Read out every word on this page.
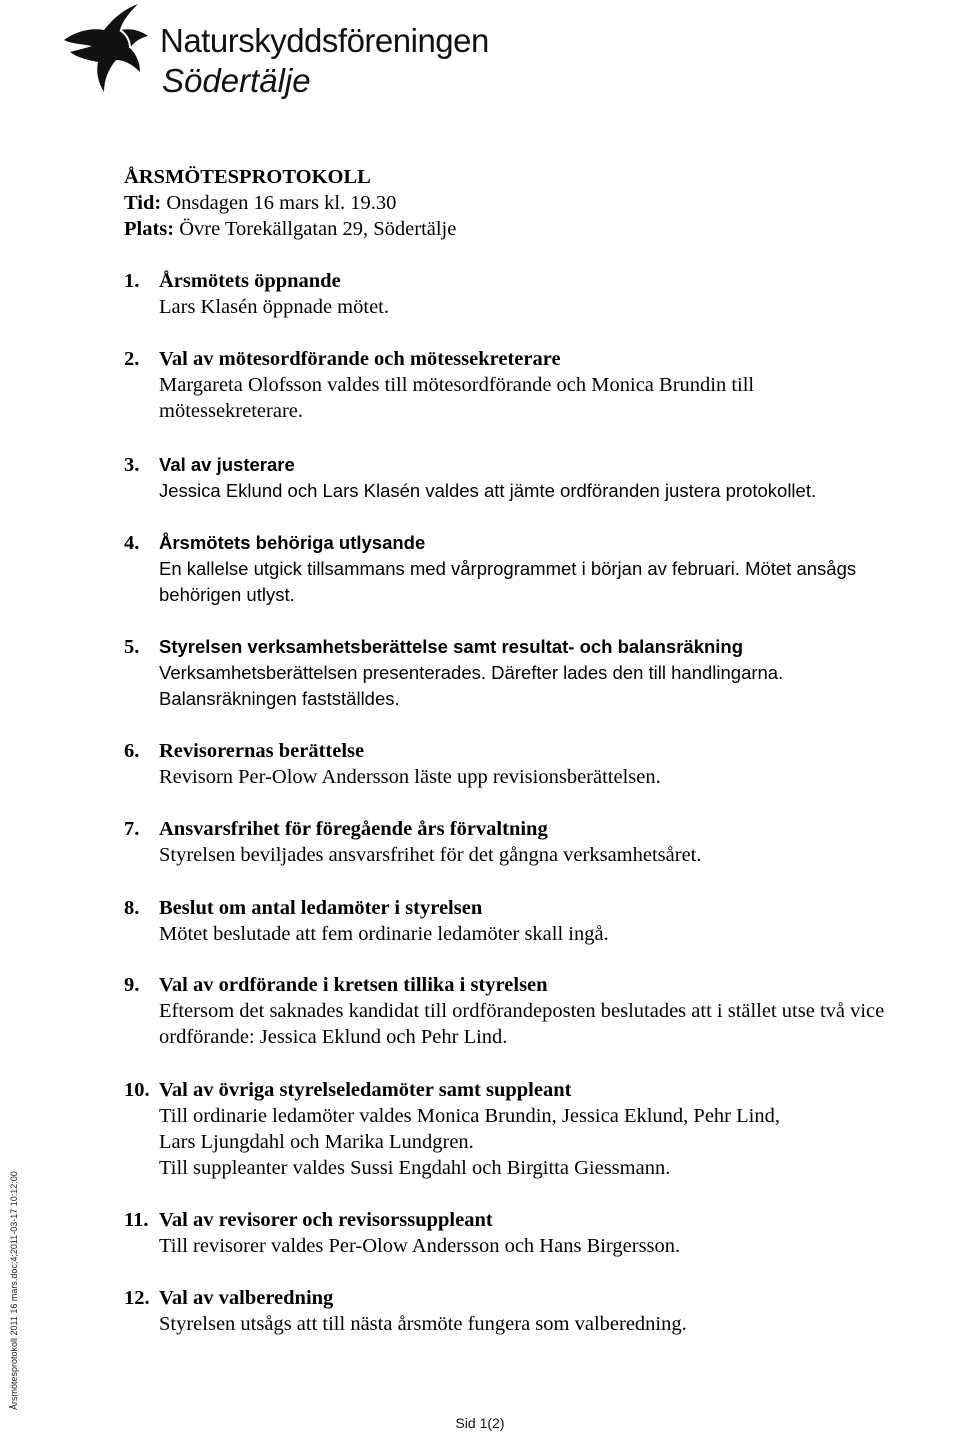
Naturskyddsföreningen
Södertälje
ÅRSMÖTESPROTOKOLL
Tid: Onsdagen 16 mars kl. 19.30
Plats: Övre Torekällgatan 29, Södertälje
1. Årsmötets öppnande
Lars Klasén öppnade mötet.
2. Val av mötesordförande och mötessekreterare
Margareta Olofsson valdes till mötesordförande och Monica Brundin till
mötessekreterare.
3. Val av justerare
Jessica Eklund och Lars Klasén valdes att jämte ordföranden justera protokollet.
4. Årsmötets behöriga utlysande
En kallelse utgick tillsammans med vårprogrammet i början av februari. Mötet ansågs
behörigen utlyst.
5. Styrelsen verksamhetsberättelse samt resultat- och balansräkning
Verksamhetsberättelsen presenterades. Därefter lades den till handlingarna.
Balansräkningen fastställdes.
6. Revisorernas berättelse
Revisorn Per-Olow Andersson läste upp revisionsberättelsen.
7. Ansvarsfrihet för föregående års förvaltning
Styrelsen beviljades ansvarsfrihet för det gångna verksamhetsåret.
8. Beslut om antal ledamöter i styrelsen
Mötet beslutade att fem ordinarie ledamöter skall ingå.
9. Val av ordförande i kretsen tillika i styrelsen
Eftersom det saknades kandidat till ordförandeposten beslutades att i stället utse två vice
ordförande: Jessica Eklund och Pehr Lind.
10. Val av övriga styrelseledamöter samt suppleant
Till ordinarie ledamöter valdes Monica Brundin, Jessica Eklund, Pehr Lind,
Lars Ljungdahl och Marika Lundgren.
Till suppleanter valdes Sussi Engdahl och Birgitta Giessmann.
11. Val av revisorer och revisorssuppleant
Till revisorer valdes Per-Olow Andersson och Hans Birgersson.
12. Val av valberedning
Styrelsen utsågs att till nästa årsmöte fungera som valberedning.
Årsmötesprotokoll 2011 16 mars.doc;4;2011-03-17 10:12:00
Sid 1(2)
